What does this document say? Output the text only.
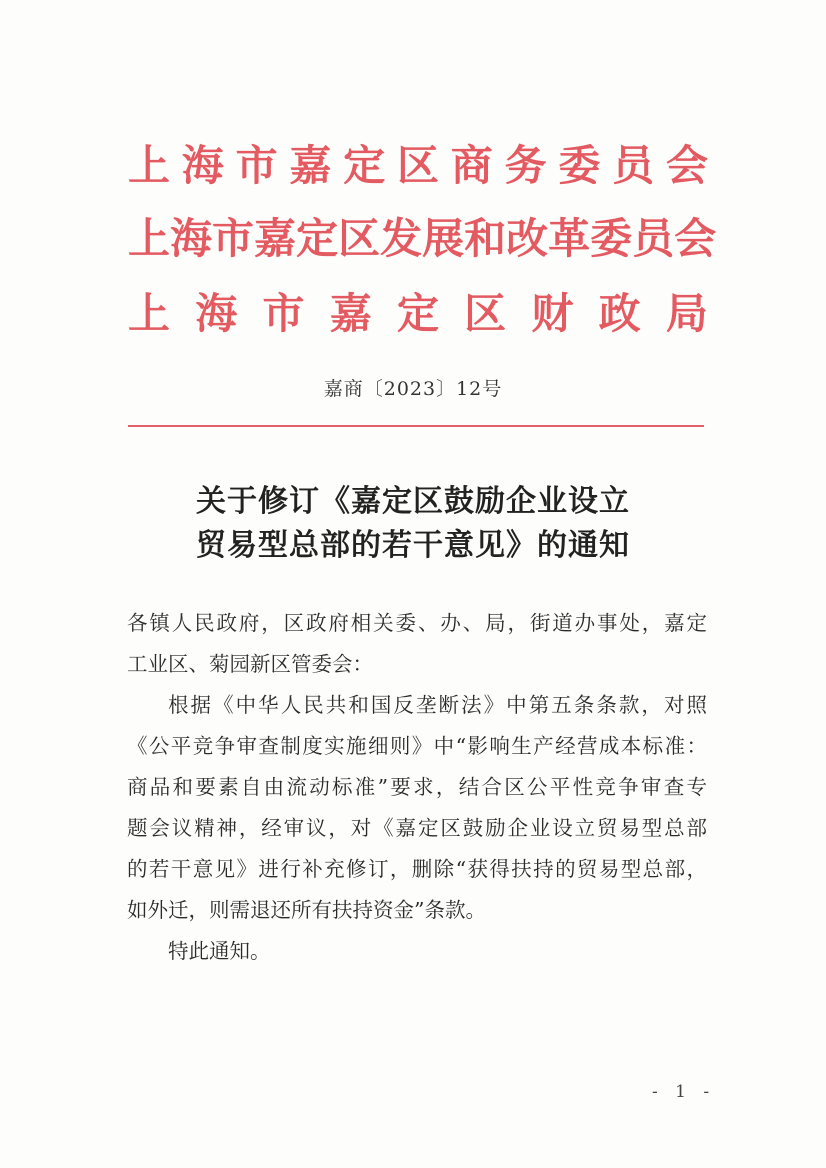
上 海 市 嘉 定 区 商 务 委 员 会
上 海 市 嘉 定 区 发 展 和 改 革 委 员 会
上 海 市 嘉 定 区 财 政 局
嘉商〔2023〕12号
关于修订《嘉定区鼓励企业设立
贸易型总部的若干意见》的通知
各镇人民政府，区政府相关委、办、局，街道办事处，嘉定
工业区、菊园新区管委会：
根据《中华人民共和国反垄断法》中第五条条款，对照
《公平竞争审查制度实施细则》中“影响生产经营成本标准：
商品和要素自由流动标准”要求，结合区公平性竞争审查专
题会议精神，经审议，对《嘉定区鼓励企业设立贸易型总部
的若干意见》进行补充修订，删除“获得扶持的贸易型总部，
如外迁，则需退还所有扶持资金”条款。
特此通知。
- 1 -
